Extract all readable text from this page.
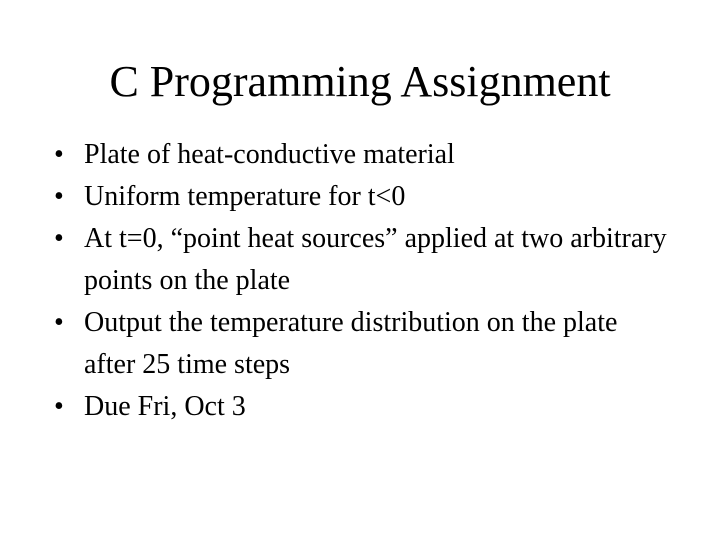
C Programming Assignment
• Plate of heat-conductive material
• Uniform temperature for t<0
• At t=0, “point heat sources” applied at two arbitrary points on the plate
• Output the temperature distribution on the plate after 25 time steps
• Due Fri, Oct 3
